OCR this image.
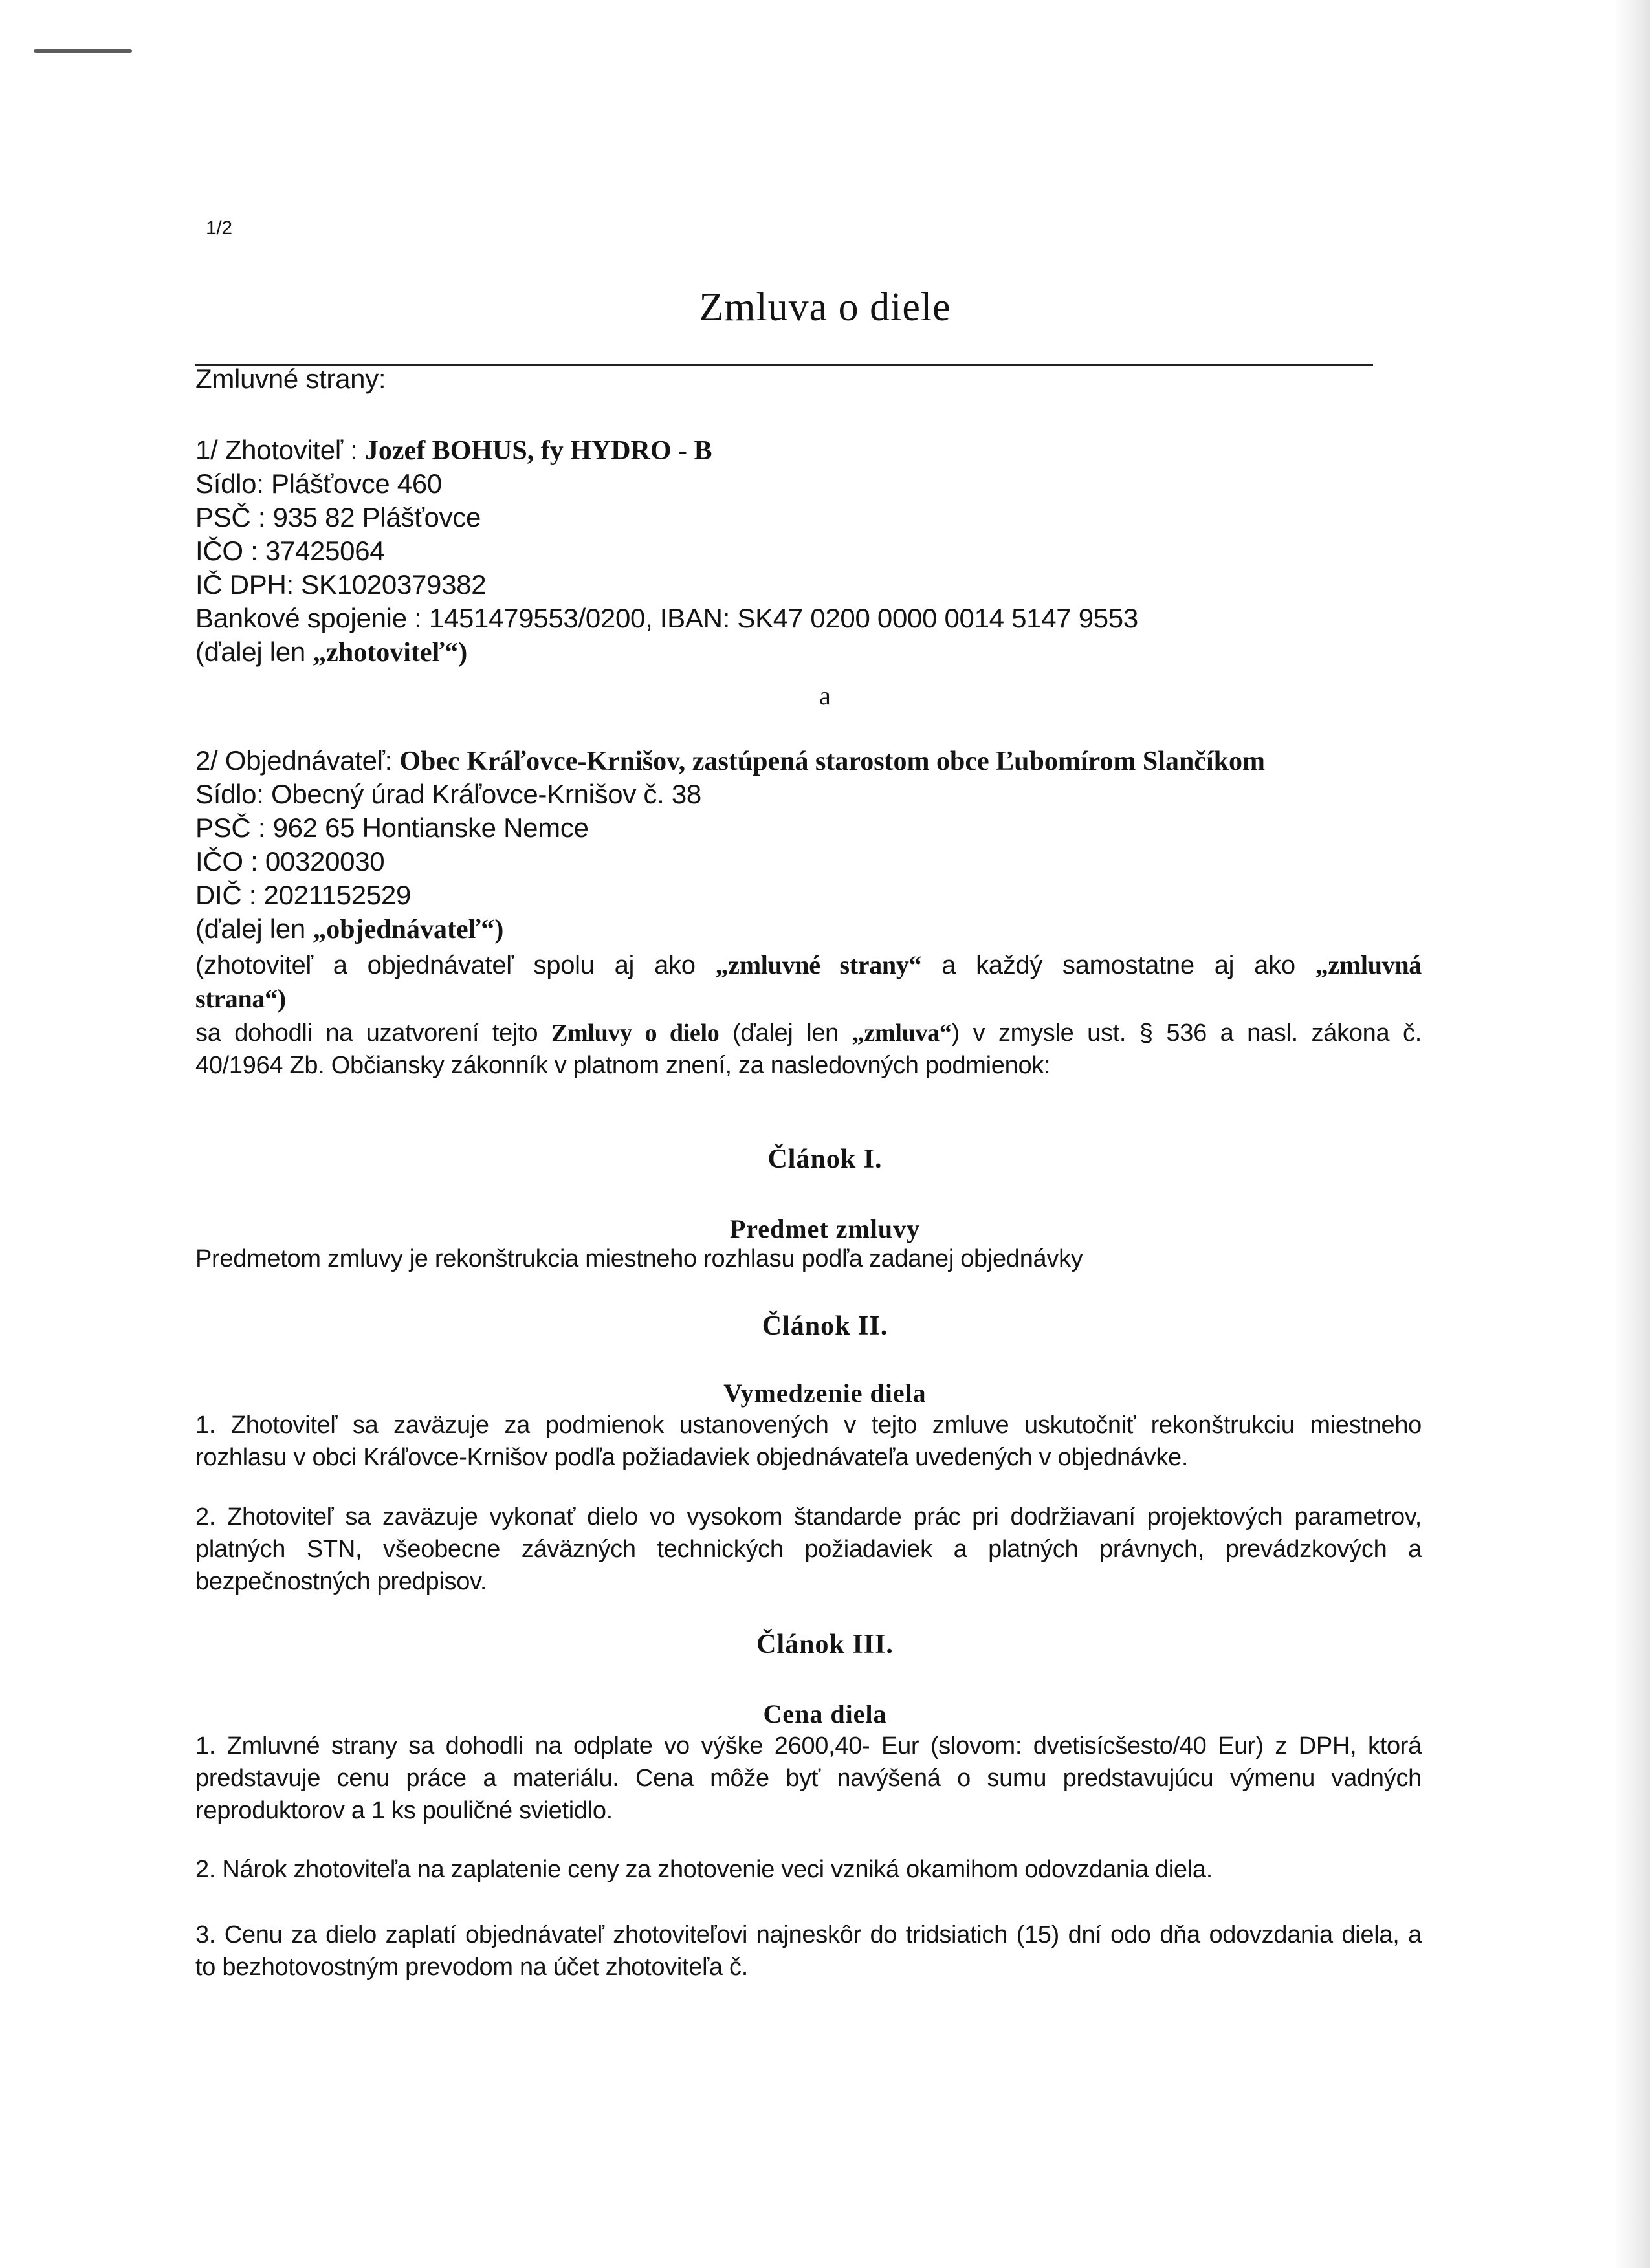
1/2
Zmluva o diele
Zmluvné strany:
1/ Zhotoviteľ : Jozef BOHUS, fy HYDRO - B
Sídlo: Plášťovce 460
PSČ : 935 82 Plášťovce
IČO : 37425064
IČ DPH: SK1020379382
Bankové spojenie : 1451479553/0200, IBAN: SK47 0200 0000 0014 5147 9553
(ďalej len „zhotoviteľ“)
a
2/ Objednávateľ: Obec Kráľovce-Krnišov, zastúpená starostom obce Ľubomírom Slančíkom
Sídlo: Obecný úrad Kráľovce-Krnišov č. 38
PSČ : 962 65 Hontianske Nemce
IČO : 00320030
DIČ : 2021152529
(ďalej len „objednávateľ“)
(zhotoviteľ a objednávateľ spolu aj ako „zmluvné strany“ a každý samostatne aj ako „zmluvná
strana“)
sa dohodli na uzatvorení tejto Zmluvy o dielo (ďalej len „zmluva“) v zmysle ust. § 536 a nasl. zákona č.
40/1964 Zb. Občiansky zákonník v platnom znení, za nasledovných podmienok:
Článok I.
Predmet zmluvy
Predmetom zmluvy je rekonštrukcia miestneho rozhlasu podľa zadanej objednávky
Článok II.
Vymedzenie diela
1. Zhotoviteľ sa zaväzuje za podmienok ustanovených v tejto zmluve uskutočniť rekonštrukciu miestneho
rozhlasu v obci Kráľovce-Krnišov podľa požiadaviek objednávateľa uvedených v objednávke.
2. Zhotoviteľ sa zaväzuje vykonať dielo vo vysokom štandarde prác pri dodržiavaní projektových parametrov,
platných STN, všeobecne záväzných technických požiadaviek a platných právnych, prevádzkových a
bezpečnostných predpisov.
Článok III.
Cena diela
1. Zmluvné strany sa dohodli na odplate vo výške 2600,40- Eur (slovom: dvetisícšesto/40 Eur) z DPH, ktorá
predstavuje cenu práce a materiálu. Cena môže byť navýšená o sumu predstavujúcu výmenu vadných
reproduktorov a 1 ks pouličné svietidlo.
2. Nárok zhotoviteľa na zaplatenie ceny za zhotovenie veci vzniká okamihom odovzdania diela.
3. Cenu za dielo zaplatí objednávateľ zhotoviteľovi najneskôr do tridsiatich (15) dní odo dňa odovzdania diela, a
to bezhotovostným prevodom na účet zhotoviteľa č.
